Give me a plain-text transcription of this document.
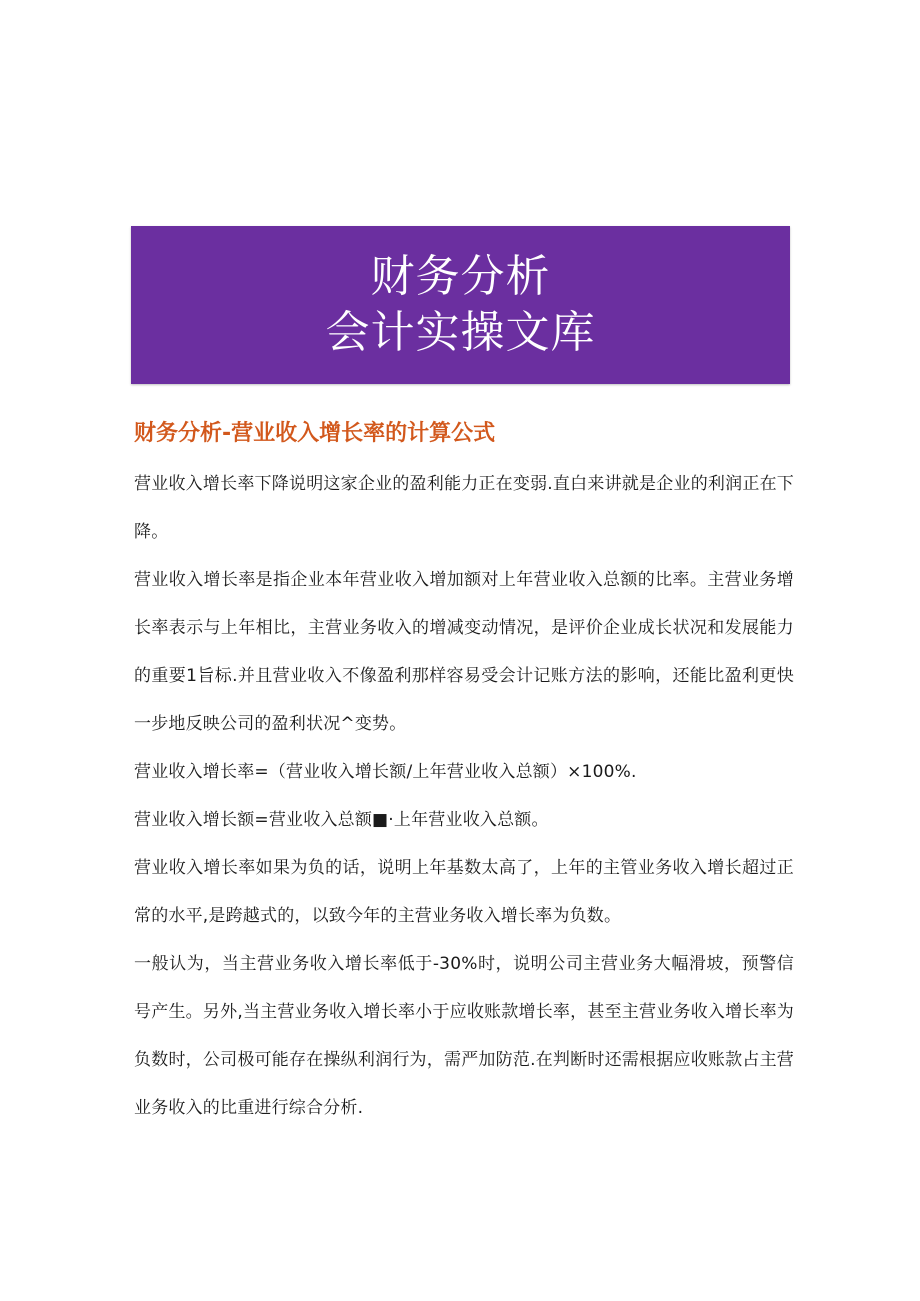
财务分析
会计实操文库
财务分析-营业收入增长率的计算公式

营业收入增长率下降说明这家企业的盈利能力正在变弱.直白来讲就是企业的利润正在下降。

营业收入增长率是指企业本年营业收入增加额对上年营业收入总额的比率。主营业务增长率表示与上年相比，主营业务收入的增减变动情况，是评价企业成长状况和发展能力的重要1旨标.并且营业收入不像盈利那样容易受会计记账方法的影响，还能比盈利更快一步地反映公司的盈利状况^变势。

营业收入增长率=（营业收入增长额/上年营业收入总额）×100%.

营业收入增长额=营业收入总额■·上年营业收入总额。

营业收入增长率如果为负的话，说明上年基数太高了，上年的主管业务收入增长超过正常的水平,是跨越式的，以致今年的主营业务收入增长率为负数。

一般认为，当主营业务收入增长率低于-30%时，说明公司主营业务大幅滑坡，预警信号产生。另外,当主营业务收入增长率小于应收账款增长率，甚至主营业务收入增长率为负数时，公司极可能存在操纵利润行为，需严加防范.在判断时还需根据应收账款占主营业务收入的比重进行综合分析.
